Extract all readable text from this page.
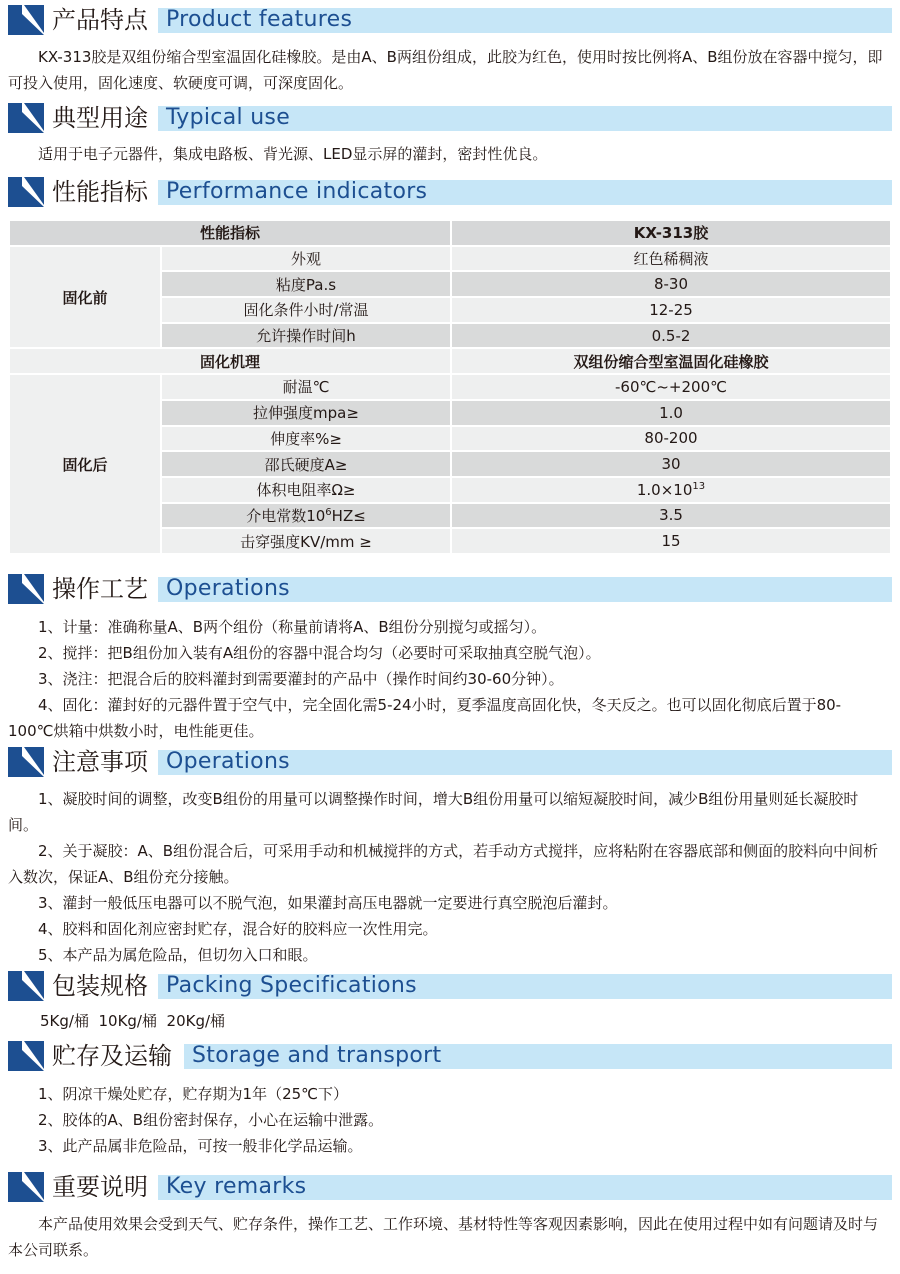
产品特点 Product features

KX-313胶是双组份缩合型室温固化硅橡胶。是由A、B两组份组成，此胶为红色，使用时按比例将A、B组份放在容器中搅匀，即可投入使用，固化速度、软硬度可调，可深度固化。

典型用途 Typical use

适用于电子元器件，集成电路板、背光源、LED显示屏的灌封，密封性优良。

性能指标 Performance indicators
性能指标		KX-313胶
固化前	外观	红色稀稠液
	粘度Pa.s	8-30
	固化条件小时/常温	12-25
	允许操作时间h	0.5-2
固化机理		双组份缩合型室温固化硅橡胶
固化后	耐温℃	-60℃~+200℃
	拉伸强度mpa≥	1.0
	伸度率%≥	80-200
	邵氏硬度A≥	30
	体积电阻率Ω≥	$1.0\times 10^{13}$
	介电常数$10^6HZ\le$	3.5
	击穿强度KV/mm ≥	15
操作工艺 Operations

1、计量：准确称量A、B两个组份（称量前请将A、B组份分别搅匀或摇匀）。

2、搅拌：把B组份加入装有A组份的容器中混合均匀（必要时可采取抽真空脱气泡）。

3、浇注：把混合后的胶料灌封到需要灌封的产品中（操作时间约30-60分钟）。

4、固化：灌封好的元器件置于空气中，完全固化需5-24小时，夏季温度高固化快，冬天反之。也可以固化彻底后置于80-100℃烘箱中烘数小时，电性能更佳。

注意事项 Operations

1、凝胶时间的调整，改变B组份的用量可以调整操作时间，增大B组份用量可以缩短凝胶时间，减少B组份用量则延长凝胶时间。

2、关于凝胶：A、B组份混合后，可采用手动和机械搅拌的方式，若手动方式搅拌，应将粘附在容器底部和侧面的胶料向中间析入数次，保证A、B组份充分接触。

3、灌封一般低压电器可以不脱气泡，如果灌封高压电器就一定要进行真空脱泡后灌封。

4、胶料和固化剂应密封贮存，混合好的胶料应一次性用完。

5、本产品为属危险品，但切勿入口和眼。

包装规格 Packing Specifications

5Kg/桶  10Kg/桶  20Kg/桶

贮存及运输 Storage and transport

1、阴凉干燥处贮存，贮存期为1年（25℃下）

2、胶体的A、B组份密封保存，小心在运输中泄露。

3、此产品属非危险品，可按一般非化学品运输。

重要说明 Key remarks

本产品使用效果会受到天气、贮存条件，操作工艺、工作环境、基材特性等客观因素影响，因此在使用过程中如有问题请及时与本公司联系。
